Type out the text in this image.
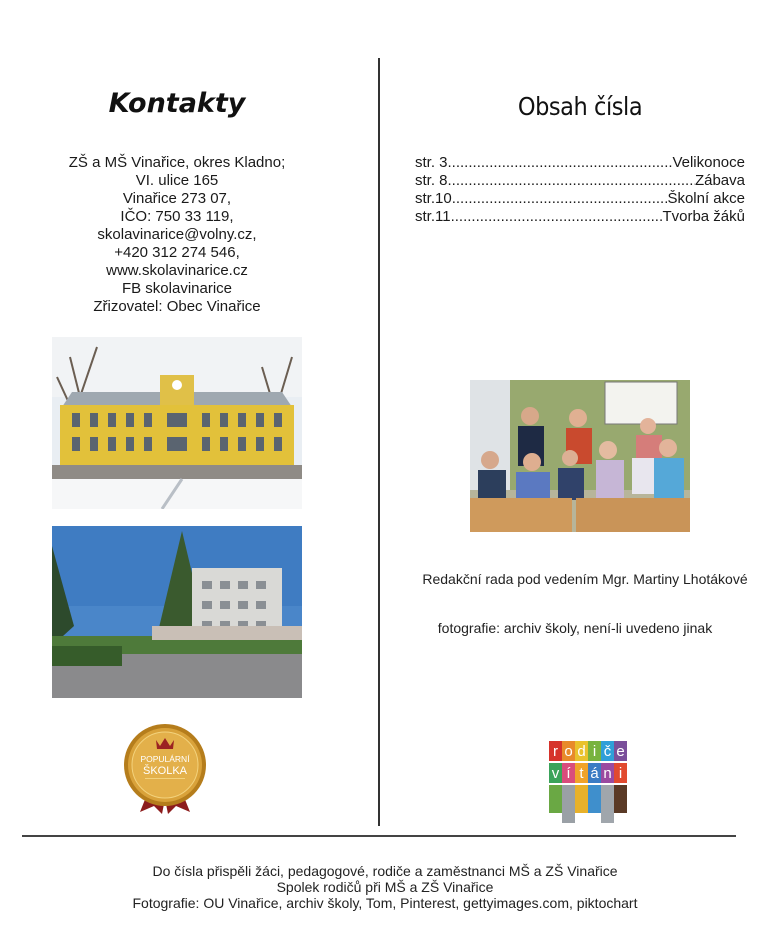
Kontakty
ZŠ a MŠ Vinařice, okres Kladno;
VI. ulice 165
Vinařice 273 07,
IČO: 750 33 119,
skolavinarice@volny.cz,
+420 312 274 546,
www.skolavinarice.cz
FB skolavinarice
Zřizovatel: Obec Vinařice
POPULÁRNÍ
ŠKOLKA
Obsah čísla
str. 3 .....	Velikonoce
str. 8 .....	Zábava
str.10 .....	Školní akce
str.11 .....	Tvorba žáků
Redakční rada pod vedením Mgr. Martiny Lhotákové
fotografie: archiv školy, není-li uvedeno jinak
r o d i č e
v í t á n i
Do čísla přispěli žáci, pedagogové, rodiče a zaměstnanci MŠ a ZŠ Vinařice
Spolek rodičů při MŠ a ZŠ Vinařice
Fotografie: OU Vinařice, archiv školy, Tom, Pinterest, gettyimages.com, piktochart
